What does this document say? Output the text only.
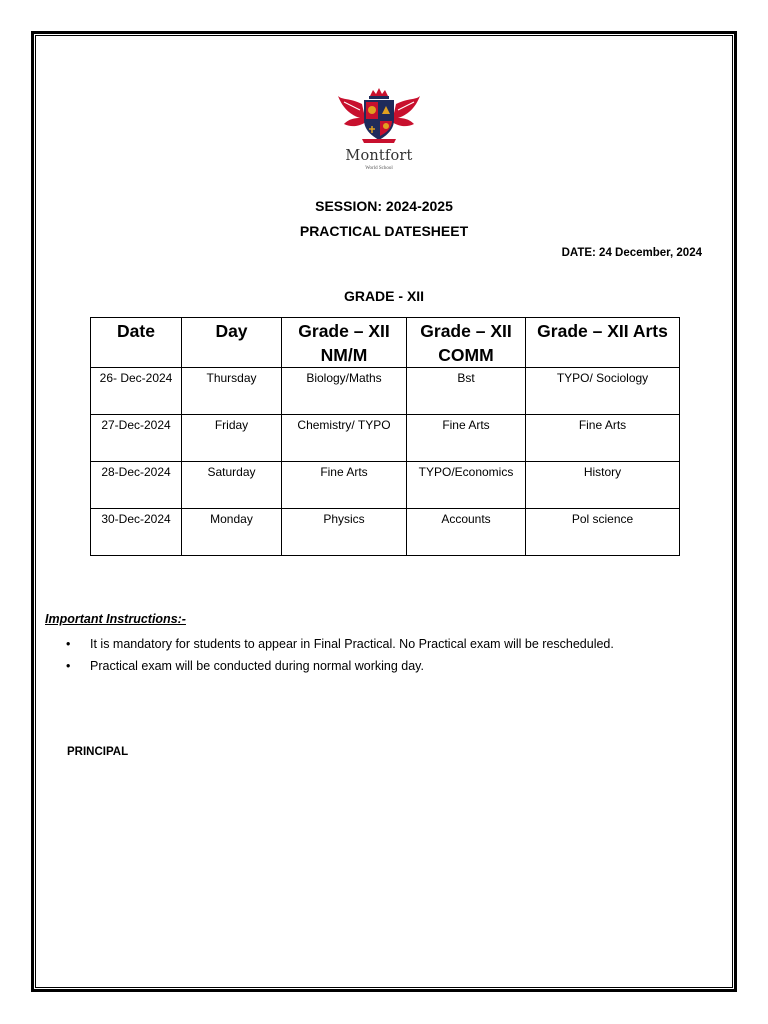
Montfort
World School
SESSION: 2024-2025
PRACTICAL DATESHEET
DATE: 24 December, 2024
GRADE - XII
Date	Day	Grade – XII NM/M	Grade – XII COMM	Grade – XII Arts
26- Dec-2024	Thursday	Biology/Maths	Bst	TYPO/ Sociology
27-Dec-2024	Friday	Chemistry/ TYPO	Fine Arts	Fine Arts
28-Dec-2024	Saturday	Fine Arts	TYPO/Economics	History
30-Dec-2024	Monday	Physics	Accounts	Pol science
Important Instructions:-
• It is mandatory for students to appear in Final Practical. No Practical exam will be rescheduled.
• Practical exam will be conducted during normal working day.
PRINCIPAL
